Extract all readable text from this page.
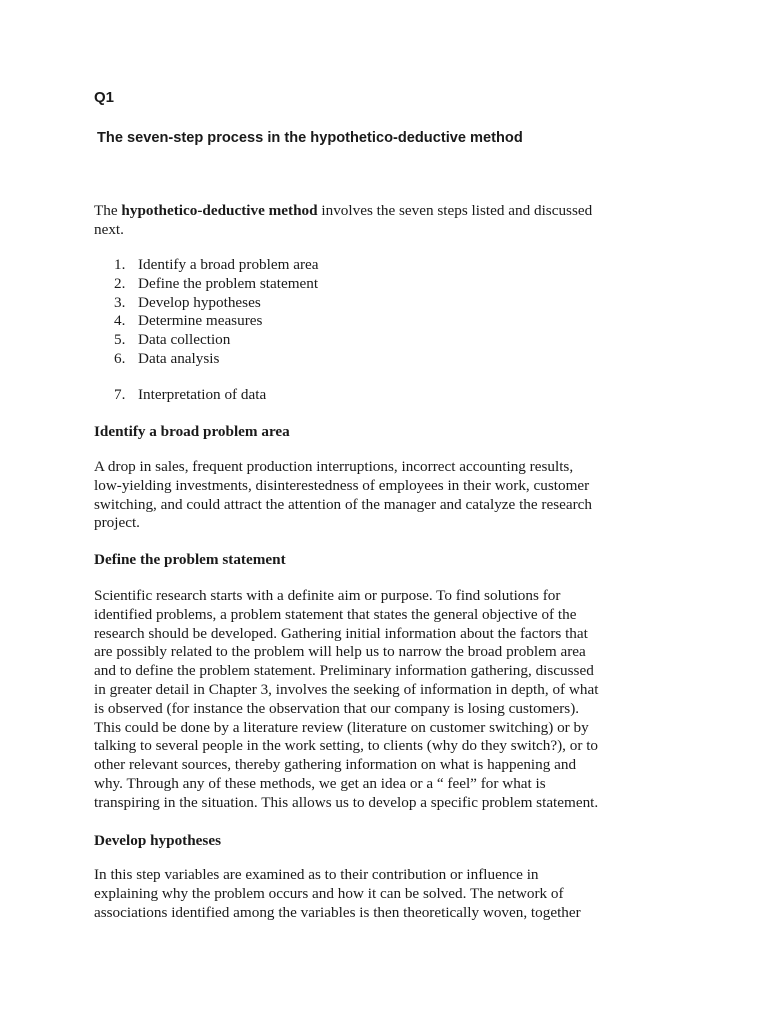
Q1
The seven-step process in the hypothetico-deductive method
The hypothetico-deductive method involves the seven steps listed and discussed
next.
1. Identify a broad problem area
2. Define the problem statement
3. Develop hypotheses
4. Determine measures
5. Data collection
6. Data analysis
7. Interpretation of data
Identify a broad problem area
A drop in sales, frequent production interruptions, incorrect accounting results,
low-yielding investments, disinterestedness of employees in their work, customer
switching, and could attract the attention of the manager and catalyze the research
project.
Define the problem statement
Scientific research starts with a definite aim or purpose. To find solutions for
identified problems, a problem statement that states the general objective of the
research should be developed. Gathering initial information about the factors that
are possibly related to the problem will help us to narrow the broad problem area
and to define the problem statement. Preliminary information gathering, discussed
in greater detail in Chapter 3, involves the seeking of information in depth, of what
is observed (for instance the observation that our company is losing customers).
This could be done by a literature review (literature on customer switching) or by
talking to several people in the work setting, to clients (why do they switch?), or to
other relevant sources, thereby gathering information on what is happening and
why. Through any of these methods, we get an idea or a “ feel” for what is
transpiring in the situation. This allows us to develop a specific problem statement.
Develop hypotheses
In this step variables are examined as to their contribution or influence in
explaining why the problem occurs and how it can be solved. The network of
associations identified among the variables is then theoretically woven, together
